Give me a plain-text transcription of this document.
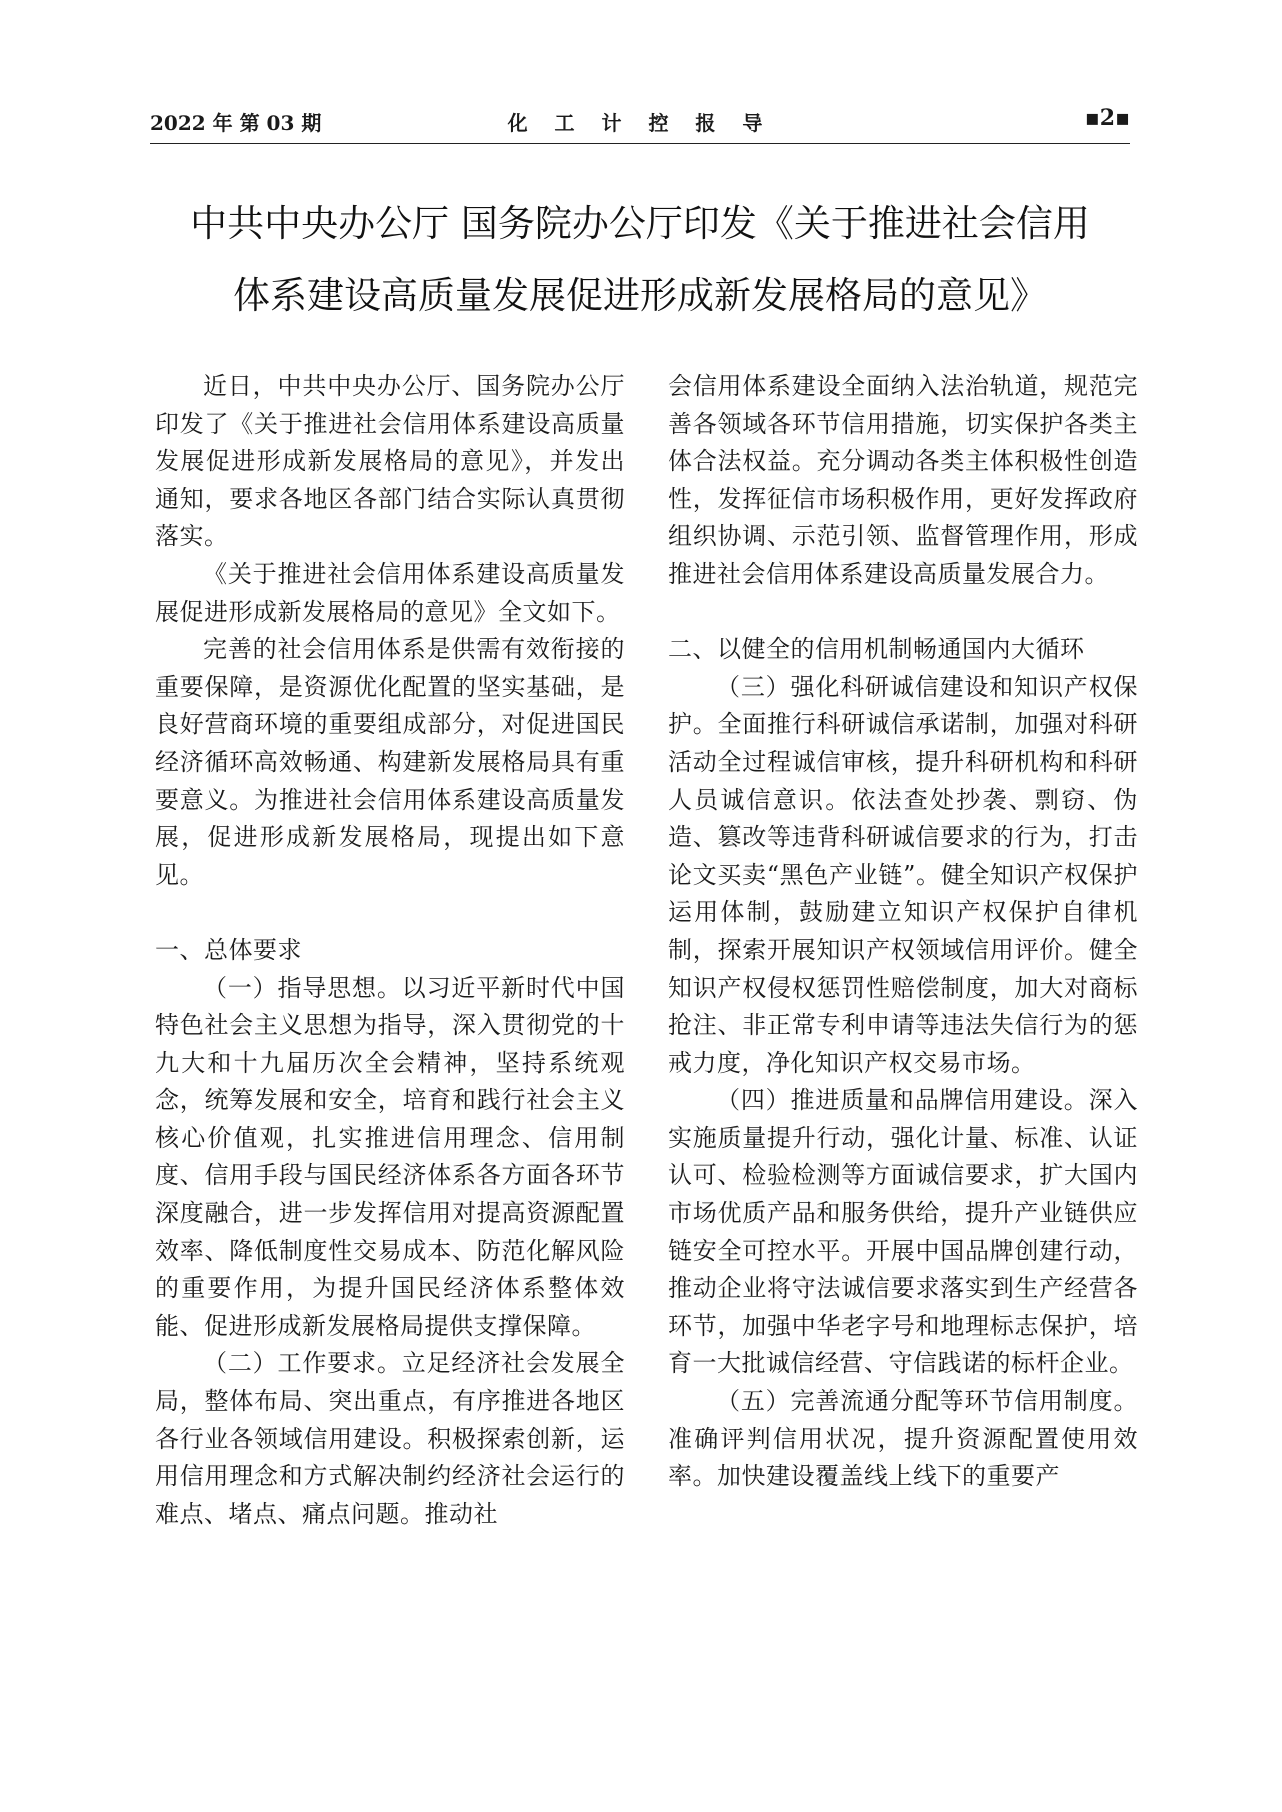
2022 年 第 03 期	化 工 计 控 报 导	▪2▪
中共中央办公厅 国务院办公厅印发《关于推进社会信用
体系建设高质量发展促进形成新发展格局的意见》

近日，中共中央办公厅、国务院办公厅印发了《关于推进社会信用体系建设高质量发展促进形成新发展格局的意见》，并发出通知，要求各地区各部门结合实际认真贯彻落实。

《关于推进社会信用体系建设高质量发展促进形成新发展格局的意见》全文如下。

完善的社会信用体系是供需有效衔接的重要保障，是资源优化配置的坚实基础，是良好营商环境的重要组成部分，对促进国民经济循环高效畅通、构建新发展格局具有重要意义。为推进社会信用体系建设高质量发展，促进形成新发展格局，现提出如下意见。

一、总体要求

（一）指导思想。以习近平新时代中国特色社会主义思想为指导，深入贯彻党的十九大和十九届历次全会精神，坚持系统观念，统筹发展和安全，培育和践行社会主义核心价值观，扎实推进信用理念、信用制度、信用手段与国民经济体系各方面各环节深度融合，进一步发挥信用对提高资源配置效率、降低制度性交易成本、防范化解风险的重要作用，为提升国民经济体系整体效能、促进形成新发展格局提供支撑保障。

（二）工作要求。立足经济社会发展全局，整体布局、突出重点，有序推进各地区各行业各领域信用建设。积极探索创新，运用信用理念和方式解决制约经济社会运行的难点、堵点、痛点问题。推动社

会信用体系建设全面纳入法治轨道，规范完善各领域各环节信用措施，切实保护各类主体合法权益。充分调动各类主体积极性创造性，发挥征信市场积极作用，更好发挥政府组织协调、示范引领、监督管理作用，形成推进社会信用体系建设高质量发展合力。

二、以健全的信用机制畅通国内大循环

（三）强化科研诚信建设和知识产权保护。全面推行科研诚信承诺制，加强对科研活动全过程诚信审核，提升科研机构和科研人员诚信意识。依法查处抄袭、剽窃、伪造、篡改等违背科研诚信要求的行为，打击论文买卖“黑色产业链”。健全知识产权保护运用体制，鼓励建立知识产权保护自律机制，探索开展知识产权领域信用评价。健全知识产权侵权惩罚性赔偿制度，加大对商标抢注、非正常专利申请等违法失信行为的惩戒力度，净化知识产权交易市场。

（四）推进质量和品牌信用建设。深入实施质量提升行动，强化计量、标准、认证认可、检验检测等方面诚信要求，扩大国内市场优质产品和服务供给，提升产业链供应链安全可控水平。开展中国品牌创建行动，推动企业将守法诚信要求落实到生产经营各环节，加强中华老字号和地理标志保护，培育一大批诚信经营、守信践诺的标杆企业。

（五）完善流通分配等环节信用制度。准确评判信用状况，提升资源配置使用效率。加快建设覆盖线上线下的重要产
